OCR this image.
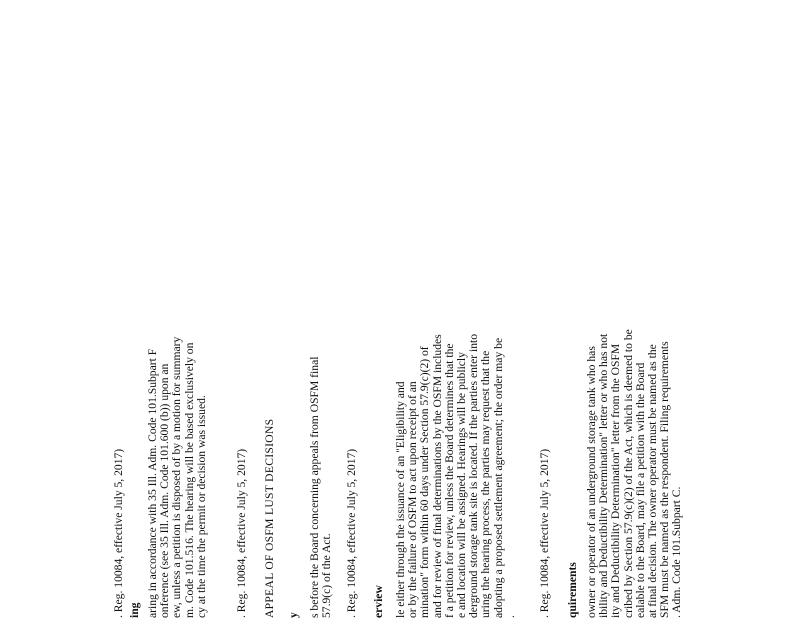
. Reg. 10084, effective July 5, 2017) ing aring in accordance with 35 Ill. Adm. Code 101.Subpart F onference (see 35 Ill. Adm. Code 101.600 (b)) upon an ew, unless a petition is disposed of by a motion for summary m. Code 101.516. The hearing will be based exclusively on cy at the time the permit or decision was issued. . Reg. 10084, effective July 5, 2017) APPEAL OF OSFM LUST DECISIONS y s before the Board concerning appeals from OSFM final 57.9(c) of the Act. . Reg. 10084, effective July 5, 2017) erview le either through the issuance of an "Eligibility and or by the failure of OSFM to act upon receipt of an mination" form within 60 days under Section 57.9(c)(2) of and for review of final determinations by the OSFM includes f a petition for review, unless the Board determines that the e and location will be assigned. Hearings will be publicly derground storage tank site is located. If the parties enter into uring the hearing process, the parties may request that the adopting a proposed settlement agreement; the order may be . . Reg. 10084, effective July 5, 2017) quirements owner or operator of an underground storage tank who has ibility and Deductibility Determination" letter or who has not ity and Deductibility Determination" letter from the OSFM cribed by Section 57.9(c)(2) of the Act, which is deemed to be ealable to the Board, may file a petition with the Board at final decision. The owner operator must be named as the SFM must be named as the respondent. Filing requirements . Adm. Code 101.Subpart C.
